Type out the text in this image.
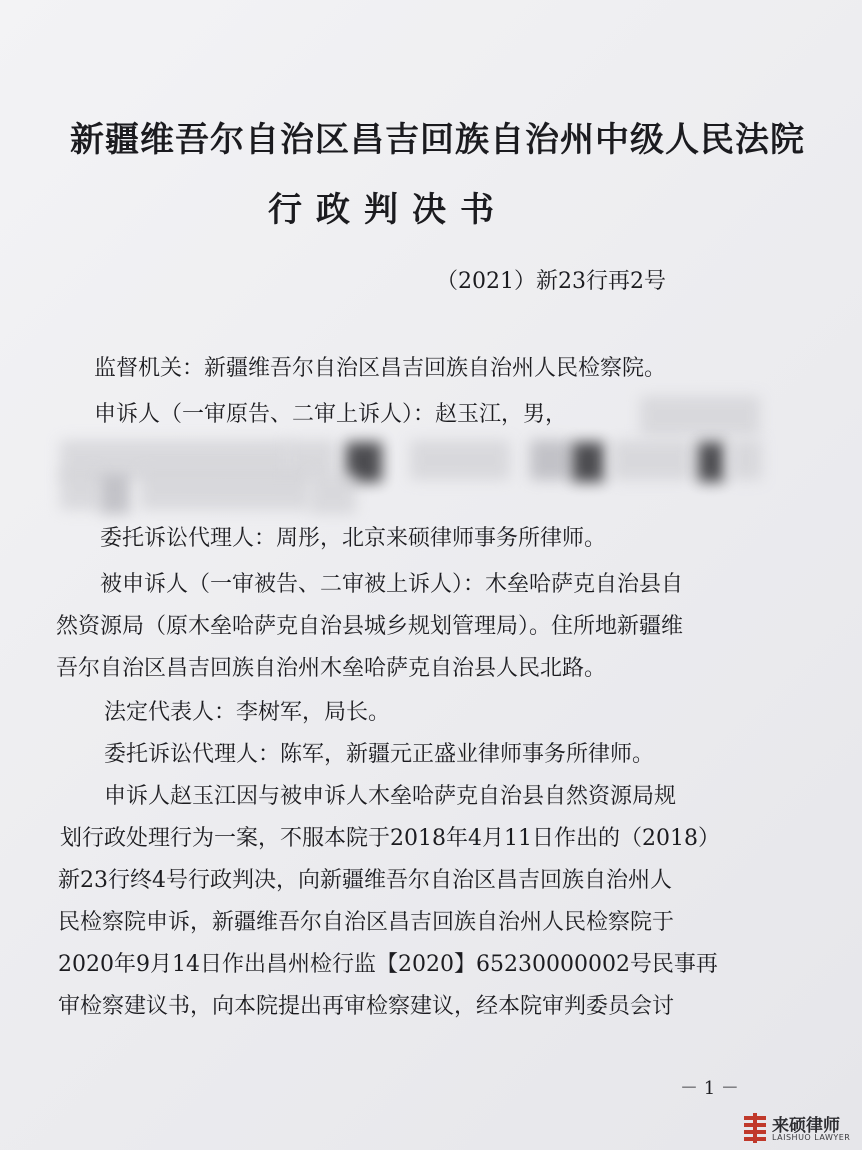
新疆维吾尔自治区昌吉回族自治州中级人民法院
行政判决书
（2021）新23行再2号
监督机关：新疆维吾尔自治区昌吉回族自治州人民检察院。
申诉人（一审原告、二审上诉人）：赵玉江，男，
委托诉讼代理人：周彤，北京来硕律师事务所律师。
被申诉人（一审被告、二审被上诉人）：木垒哈萨克自治县自
然资源局（原木垒哈萨克自治县城乡规划管理局）。住所地新疆维
吾尔自治区昌吉回族自治州木垒哈萨克自治县人民北路。
法定代表人：李树军，局长。
委托诉讼代理人：陈军，新疆元正盛业律师事务所律师。
申诉人赵玉江因与被申诉人木垒哈萨克自治县自然资源局规
划行政处理行为一案，不服本院于2018年4月11日作出的（2018）
新23行终4号行政判决，向新疆维吾尔自治区昌吉回族自治州人
民检察院申诉，新疆维吾尔自治区昌吉回族自治州人民检察院于
2020年9月14日作出昌州检行监【2020】65230000002号民事再
审检察建议书，向本院提出再审检察建议，经本院审判委员会讨
－ 1 －
来硕律师
LAISHUO LAWYER
